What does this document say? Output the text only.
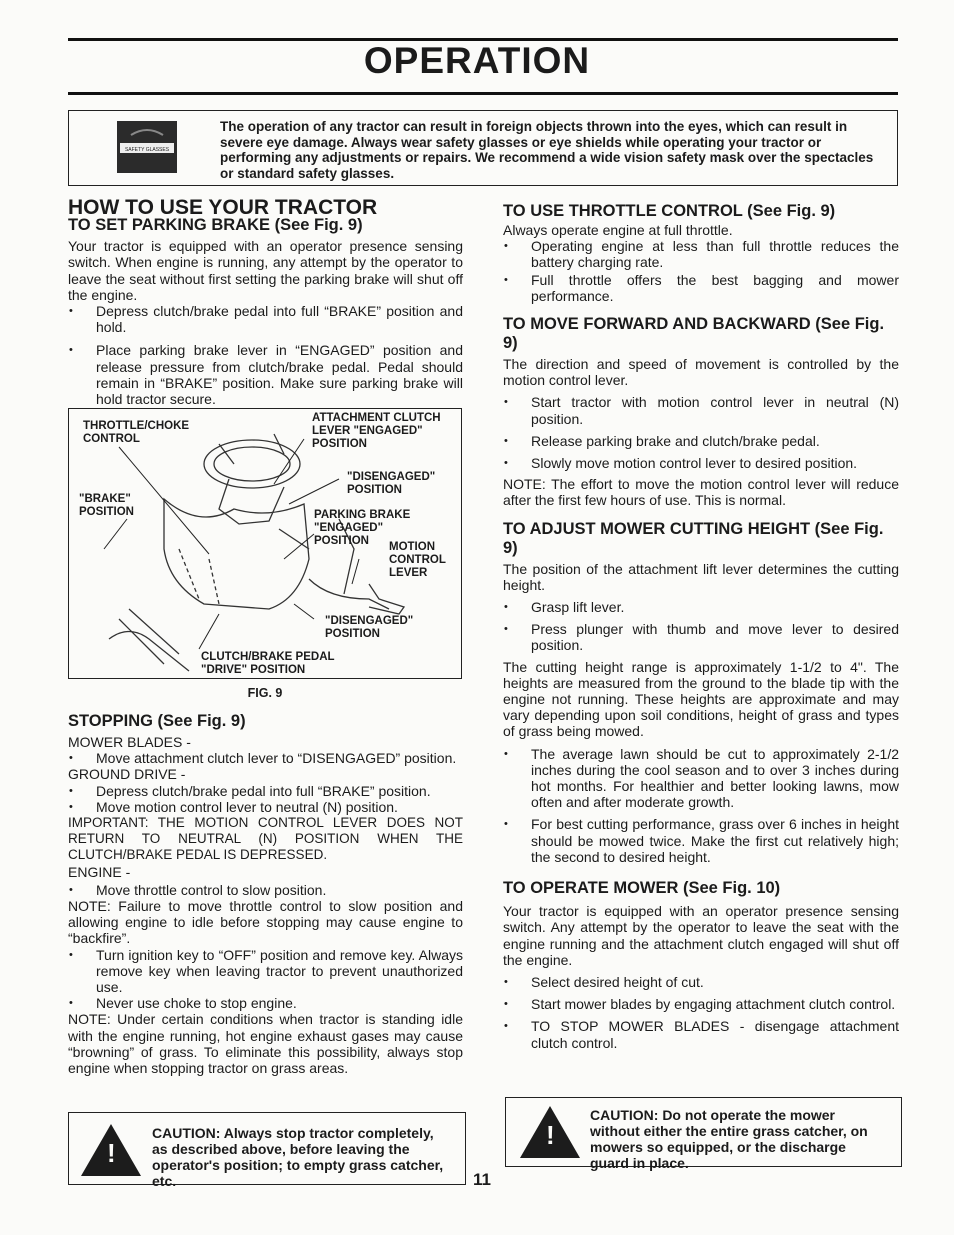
OPERATION
SAFETY GLASSES
The operation of any tractor can result in foreign objects thrown into the eyes, which can result in severe eye damage. Always wear safety glasses or eye shields while operating your tractor or performing any adjustments or repairs. We recommend a wide vision safety mask over the spectacles or standard safety glasses.
HOW TO USE YOUR TRACTOR
TO SET PARKING BRAKE (See Fig. 9)

Your tractor is equipped with an operator presence sensing switch. When engine is running, any attempt by the operator to leave the seat without first setting the parking brake will shut off the engine.

• Depress clutch/brake pedal into full “BRAKE” position and hold.
• Place parking brake lever in “ENGAGED” position and release pressure from clutch/brake pedal. Pedal should remain in “BRAKE” position. Make sure parking brake will hold tractor secure.
THROTTLE/CHOKE
CONTROL
ATTACHMENT CLUTCH
LEVER "ENGAGED"
POSITION
"DISENGAGED"
POSITION
"BRAKE"
POSITION	PARKING BRAKE
"ENGAGED"
POSITION	MOTION
CONTROL
LEVER
"DISENGAGED"
POSITION
CLUTCH/BRAKE PEDAL
"DRIVE" POSITION
FIG. 9
STOPPING (See Fig. 9)
MOWER BLADES -
• Move attachment clutch lever to “DISENGAGED” position.
GROUND DRIVE -
• Depress clutch/brake pedal into full “BRAKE” position.
• Move motion control lever to neutral (N) position.

IMPORTANT: THE MOTION CONTROL LEVER DOES NOT RETURN TO NEUTRAL (N) POSITION WHEN THE CLUTCH/BRAKE PEDAL IS DEPRESSED.

ENGINE -
• Move throttle control to slow position.

NOTE: Failure to move throttle control to slow position and allowing engine to idle before stopping may cause engine to “backfire”.

• Turn ignition key to “OFF” position and remove key. Always remove key when leaving tractor to prevent unauthorized use.
• Never use choke to stop engine.

NOTE: Under certain conditions when tractor is standing idle with the engine running, hot engine exhaust gases may cause “browning” of grass. To eliminate this possibility, always stop engine when stopping tractor on grass areas.

!
CAUTION: Always stop tractor completely, as described above, before leaving the operator's position; to empty grass catcher, etc.
TO USE THROTTLE CONTROL (See Fig. 9)
Always operate engine at full throttle.
• Operating engine at less than full throttle reduces the battery charging rate.
• Full throttle offers the best bagging and mower performance.
TO MOVE FORWARD AND BACKWARD (See Fig. 9)

The direction and speed of movement is controlled by the motion control lever.

• Start tractor with motion control lever in neutral (N) position.
• Release parking brake and clutch/brake pedal.
• Slowly move motion control lever to desired position.

NOTE: The effort to move the motion control lever will reduce after the first few hours of use. This is normal.

TO ADJUST MOWER CUTTING HEIGHT (See Fig. 9)

The position of the attachment lift lever determines the cutting height.

• Grasp lift lever.
• Press plunger with thumb and move lever to desired position.

The cutting height range is approximately 1-1/2 to 4". The heights are measured from the ground to the blade tip with the engine not running. These heights are approximate and may vary depending upon soil conditions, height of grass and types of grass being mowed.

• The average lawn should be cut to approximately 2-1/2 inches during the cool season and to over 3 inches during hot months. For healthier and better looking lawns, mow often and after moderate growth.
• For best cutting performance, grass over 6 inches in height should be mowed twice. Make the first cut relatively high; the second to desired height.
TO OPERATE MOWER (See Fig. 10)

Your tractor is equipped with an operator presence sensing switch. Any attempt by the operator to leave the seat with the engine running and the attachment clutch engaged will shut off the engine.

• Select desired height of cut.
• Start mower blades by engaging attachment clutch control.
• TO STOP MOWER BLADES - disengage attachment clutch control.
!
CAUTION: Do not operate the mower without either the entire grass catcher, on mowers so equipped, or the discharge guard in place.
11
